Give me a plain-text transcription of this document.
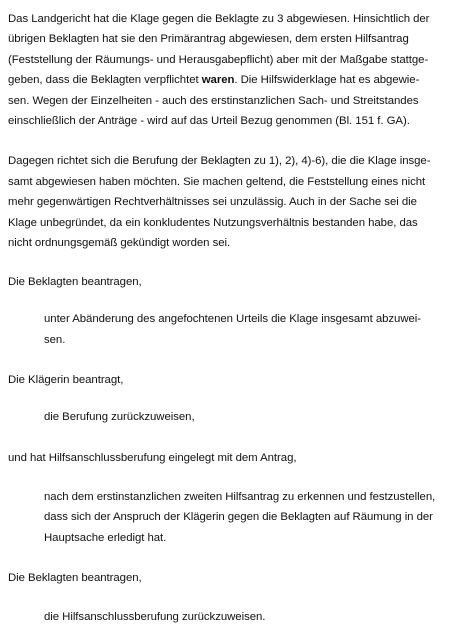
Das Landgericht hat die Klage gegen die Beklagte zu 3 abgewiesen. Hinsichtlich der
übrigen Beklagten hat sie den Primärantrag abgewiesen, dem ersten Hilfsantrag
(Feststellung der Räumungs- und Herausgabepflicht) aber mit der Maßgabe stattge-
geben, dass die Beklagten verpflichtet waren. Die Hilfswiderklage hat es abgewie-
sen. Wegen der Einzelheiten - auch des erstinstanzlichen Sach- und Streitstandes
einschließlich der Anträge - wird auf das Urteil Bezug genommen (Bl. 151 f. GA).
Dagegen richtet sich die Berufung der Beklagten zu 1), 2), 4)-6), die die Klage insge-
samt abgewiesen haben möchten. Sie machen geltend, die Feststellung eines nicht
mehr gegenwärtigen Rechtverhältnisses sei unzulässig. Auch in der Sache sei die
Klage unbegründet, da ein konkludentes Nutzungsverhältnis bestanden habe, das
nicht ordnungsgemäß gekündigt worden sei.
Die Beklagten beantragen,
unter Abänderung des angefochtenen Urteils die Klage insgesamt abzuwei-
sen.
Die Klägerin beantragt,
die Berufung zurückzuweisen,
und hat Hilfsanschlussberufung eingelegt mit dem Antrag,
nach dem erstinstanzlichen zweiten Hilfsantrag zu erkennen und festzustellen,
dass sich der Anspruch der Klägerin gegen die Beklagten auf Räumung in der
Hauptsache erledigt hat.
Die Beklagten beantragen,
die Hilfsanschlussberufung zurückzuweisen.
